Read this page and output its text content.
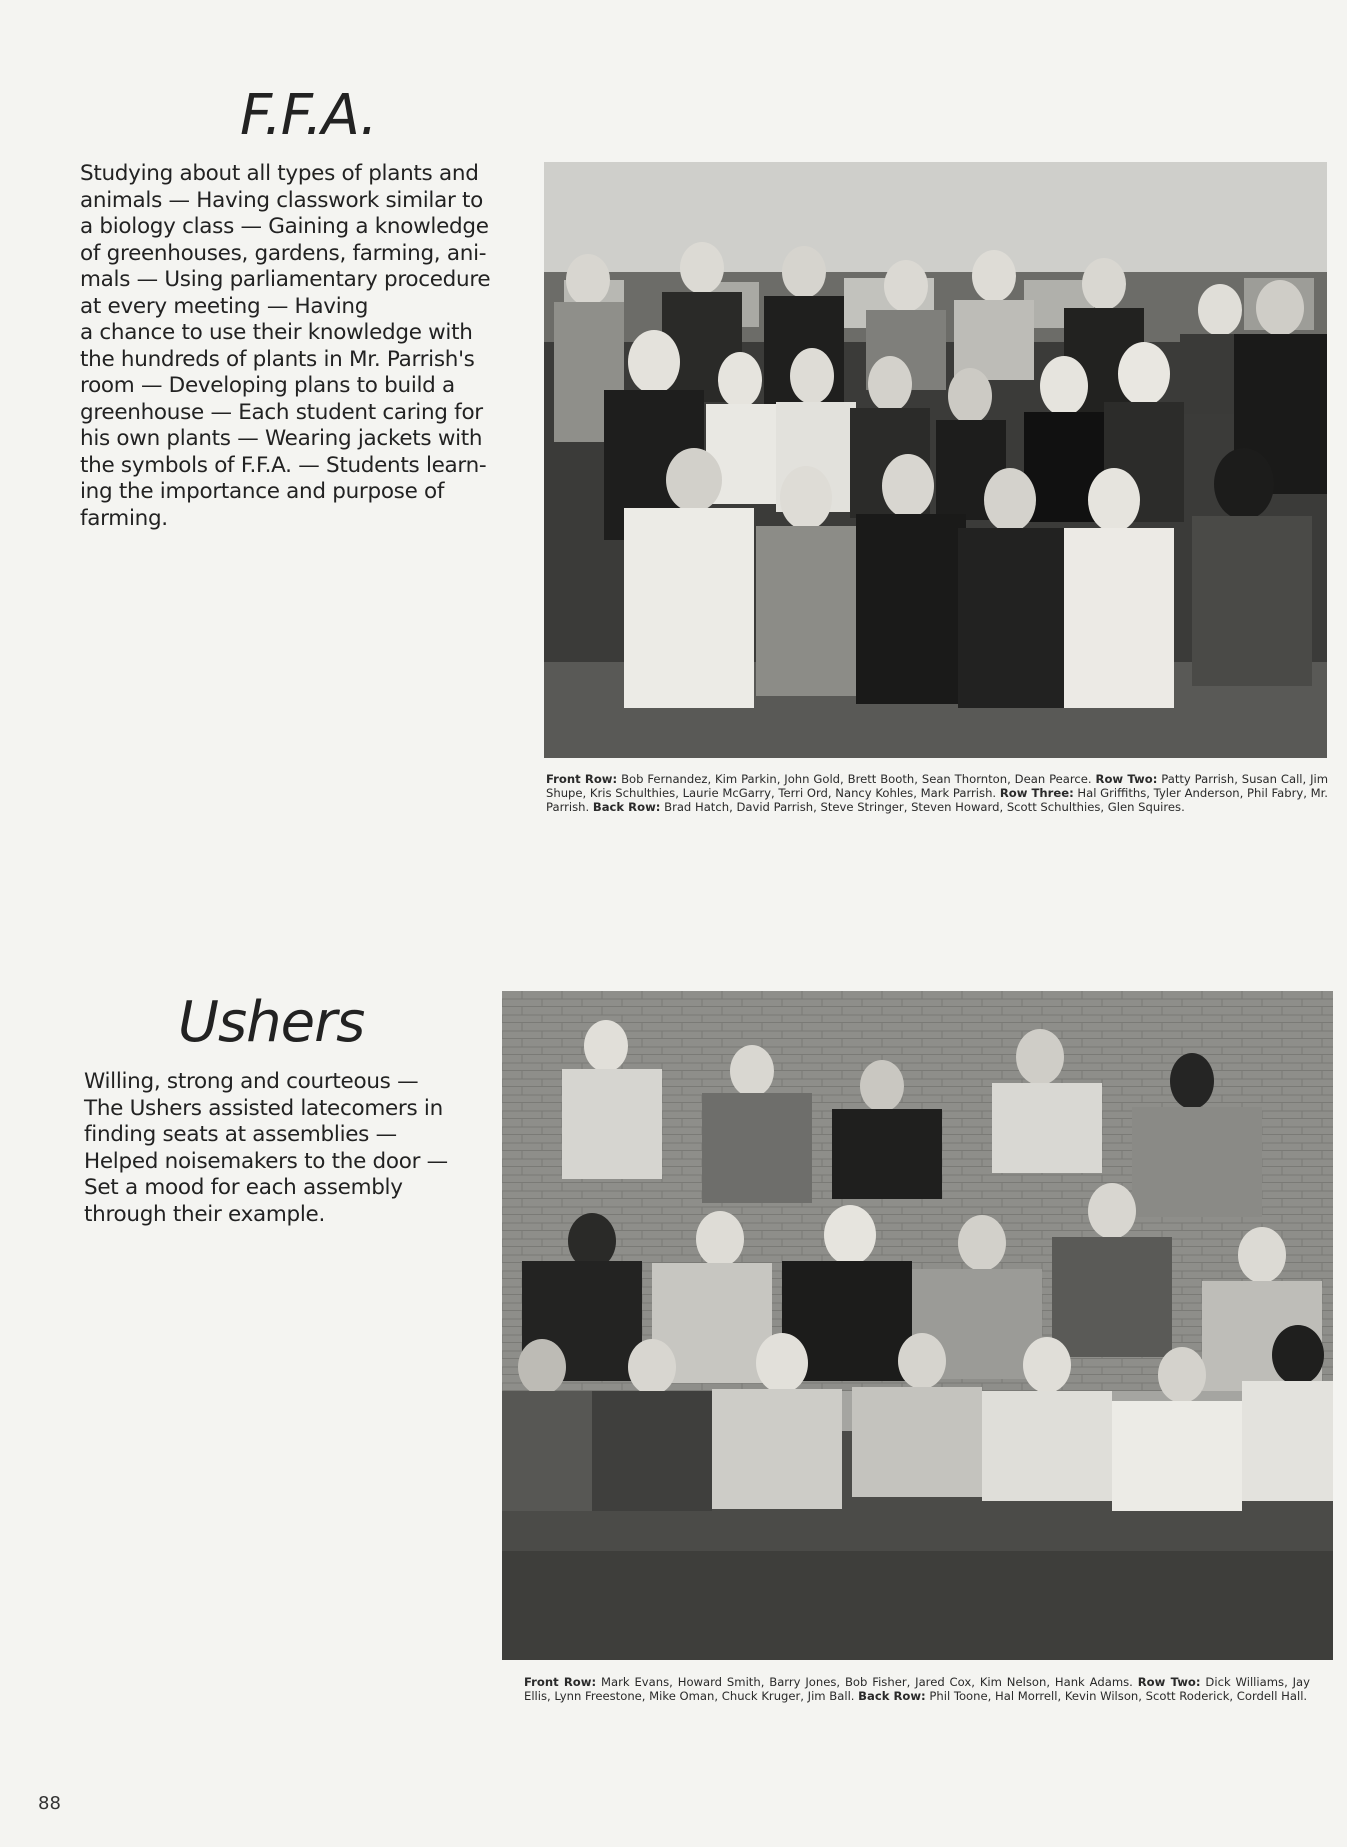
F.F.A.

Studying about all types of plants and
animals — Having classwork similar to
a biology class — Gaining a knowledge
of greenhouses, gardens, farming, ani-
mals — Using parliamentary procedure
at every meeting — Having
a chance to use their knowledge with
the hundreds of plants in Mr. Parrish's
room — Developing plans to build a
greenhouse — Each student caring for
his own plants — Wearing jackets with
the symbols of F.F.A. — Students learn-
ing the importance and purpose of
farming.

Front Row: Bob Fernandez, Kim Parkin, John Gold, Brett Booth, Sean Thornton, Dean Pearce. Row Two: Patty Parrish, Susan Call, Jim Shupe, Kris Schulthies, Laurie McGarry, Terri Ord, Nancy Kohles, Mark Parrish. Row Three: Hal Griffiths, Tyler Anderson, Phil Fabry, Mr. Parrish. Back Row: Brad Hatch, David Parrish, Steve Stringer, Steven Howard, Scott Schulthies, Glen Squires.

Ushers

Willing, strong and courteous —
The Ushers assisted latecomers in
finding seats at assemblies —
Helped noisemakers to the door —
Set a mood for each assembly
through their example.

Front Row: Mark Evans, Howard Smith, Barry Jones, Bob Fisher, Jared Cox, Kim Nelson, Hank Adams. Row Two: Dick Williams, Jay Ellis, Lynn Freestone, Mike Oman, Chuck Kruger, Jim Ball. Back Row: Phil Toone, Hal Morrell, Kevin Wilson, Scott Roderick, Cordell Hall.

88
